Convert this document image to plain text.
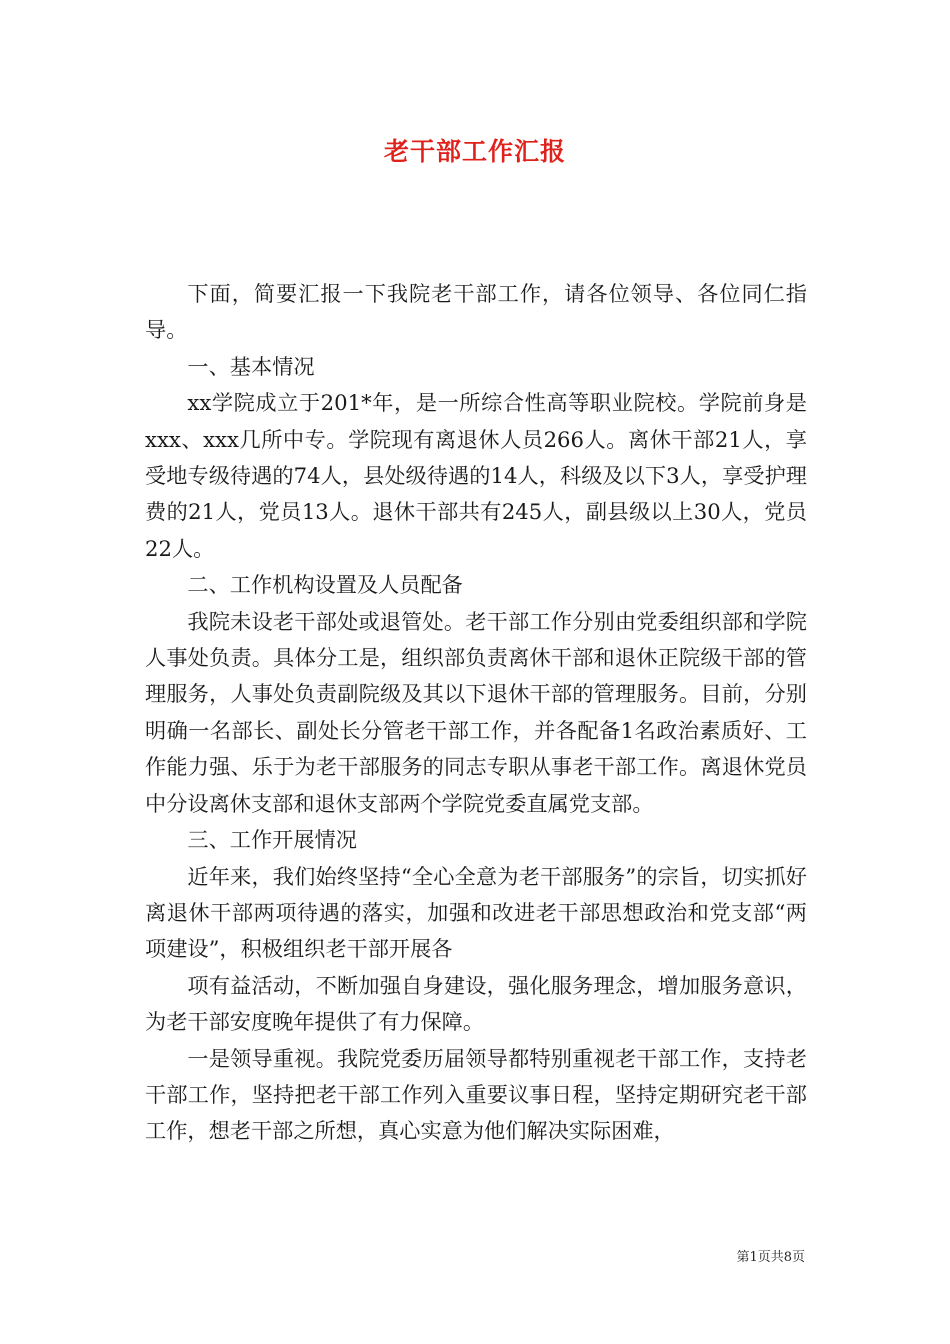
老干部工作汇报

下面，简要汇报一下我院老干部工作，请各位领导、各位同仁指导。

一、基本情况

xx学院成立于201*年，是一所综合性高等职业院校。学院前身是xxx、xxx几所中专。学院现有离退休人员266人。离休干部21人，享受地专级待遇的74人，县处级待遇的14人，科级及以下3人，享受护理费的21人，党员13人。退休干部共有245人，副县级以上30人，党员22人。

二、工作机构设置及人员配备

我院未设老干部处或退管处。老干部工作分别由党委组织部和学院人事处负责。具体分工是，组织部负责离休干部和退休正院级干部的管理服务，人事处负责副院级及其以下退休干部的管理服务。目前，分别明确一名部长、副处长分管老干部工作，并各配备1名政治素质好、工作能力强、乐于为老干部服务的同志专职从事老干部工作。离退休党员中分设离休支部和退休支部两个学院党委直属党支部。

三、工作开展情况

近年来，我们始终坚持“全心全意为老干部服务”的宗旨，切实抓好离退休干部两项待遇的落实，加强和改进老干部思想政治和党支部“两项建设”，积极组织老干部开展各

项有益活动，不断加强自身建设，强化服务理念，增加服务意识，为老干部安度晚年提供了有力保障。

一是领导重视。我院党委历届领导都特别重视老干部工作，支持老干部工作，坚持把老干部工作列入重要议事日程，坚持定期研究老干部工作，想老干部之所想，真心实意为他们解决实际困难，

第1页共8页
